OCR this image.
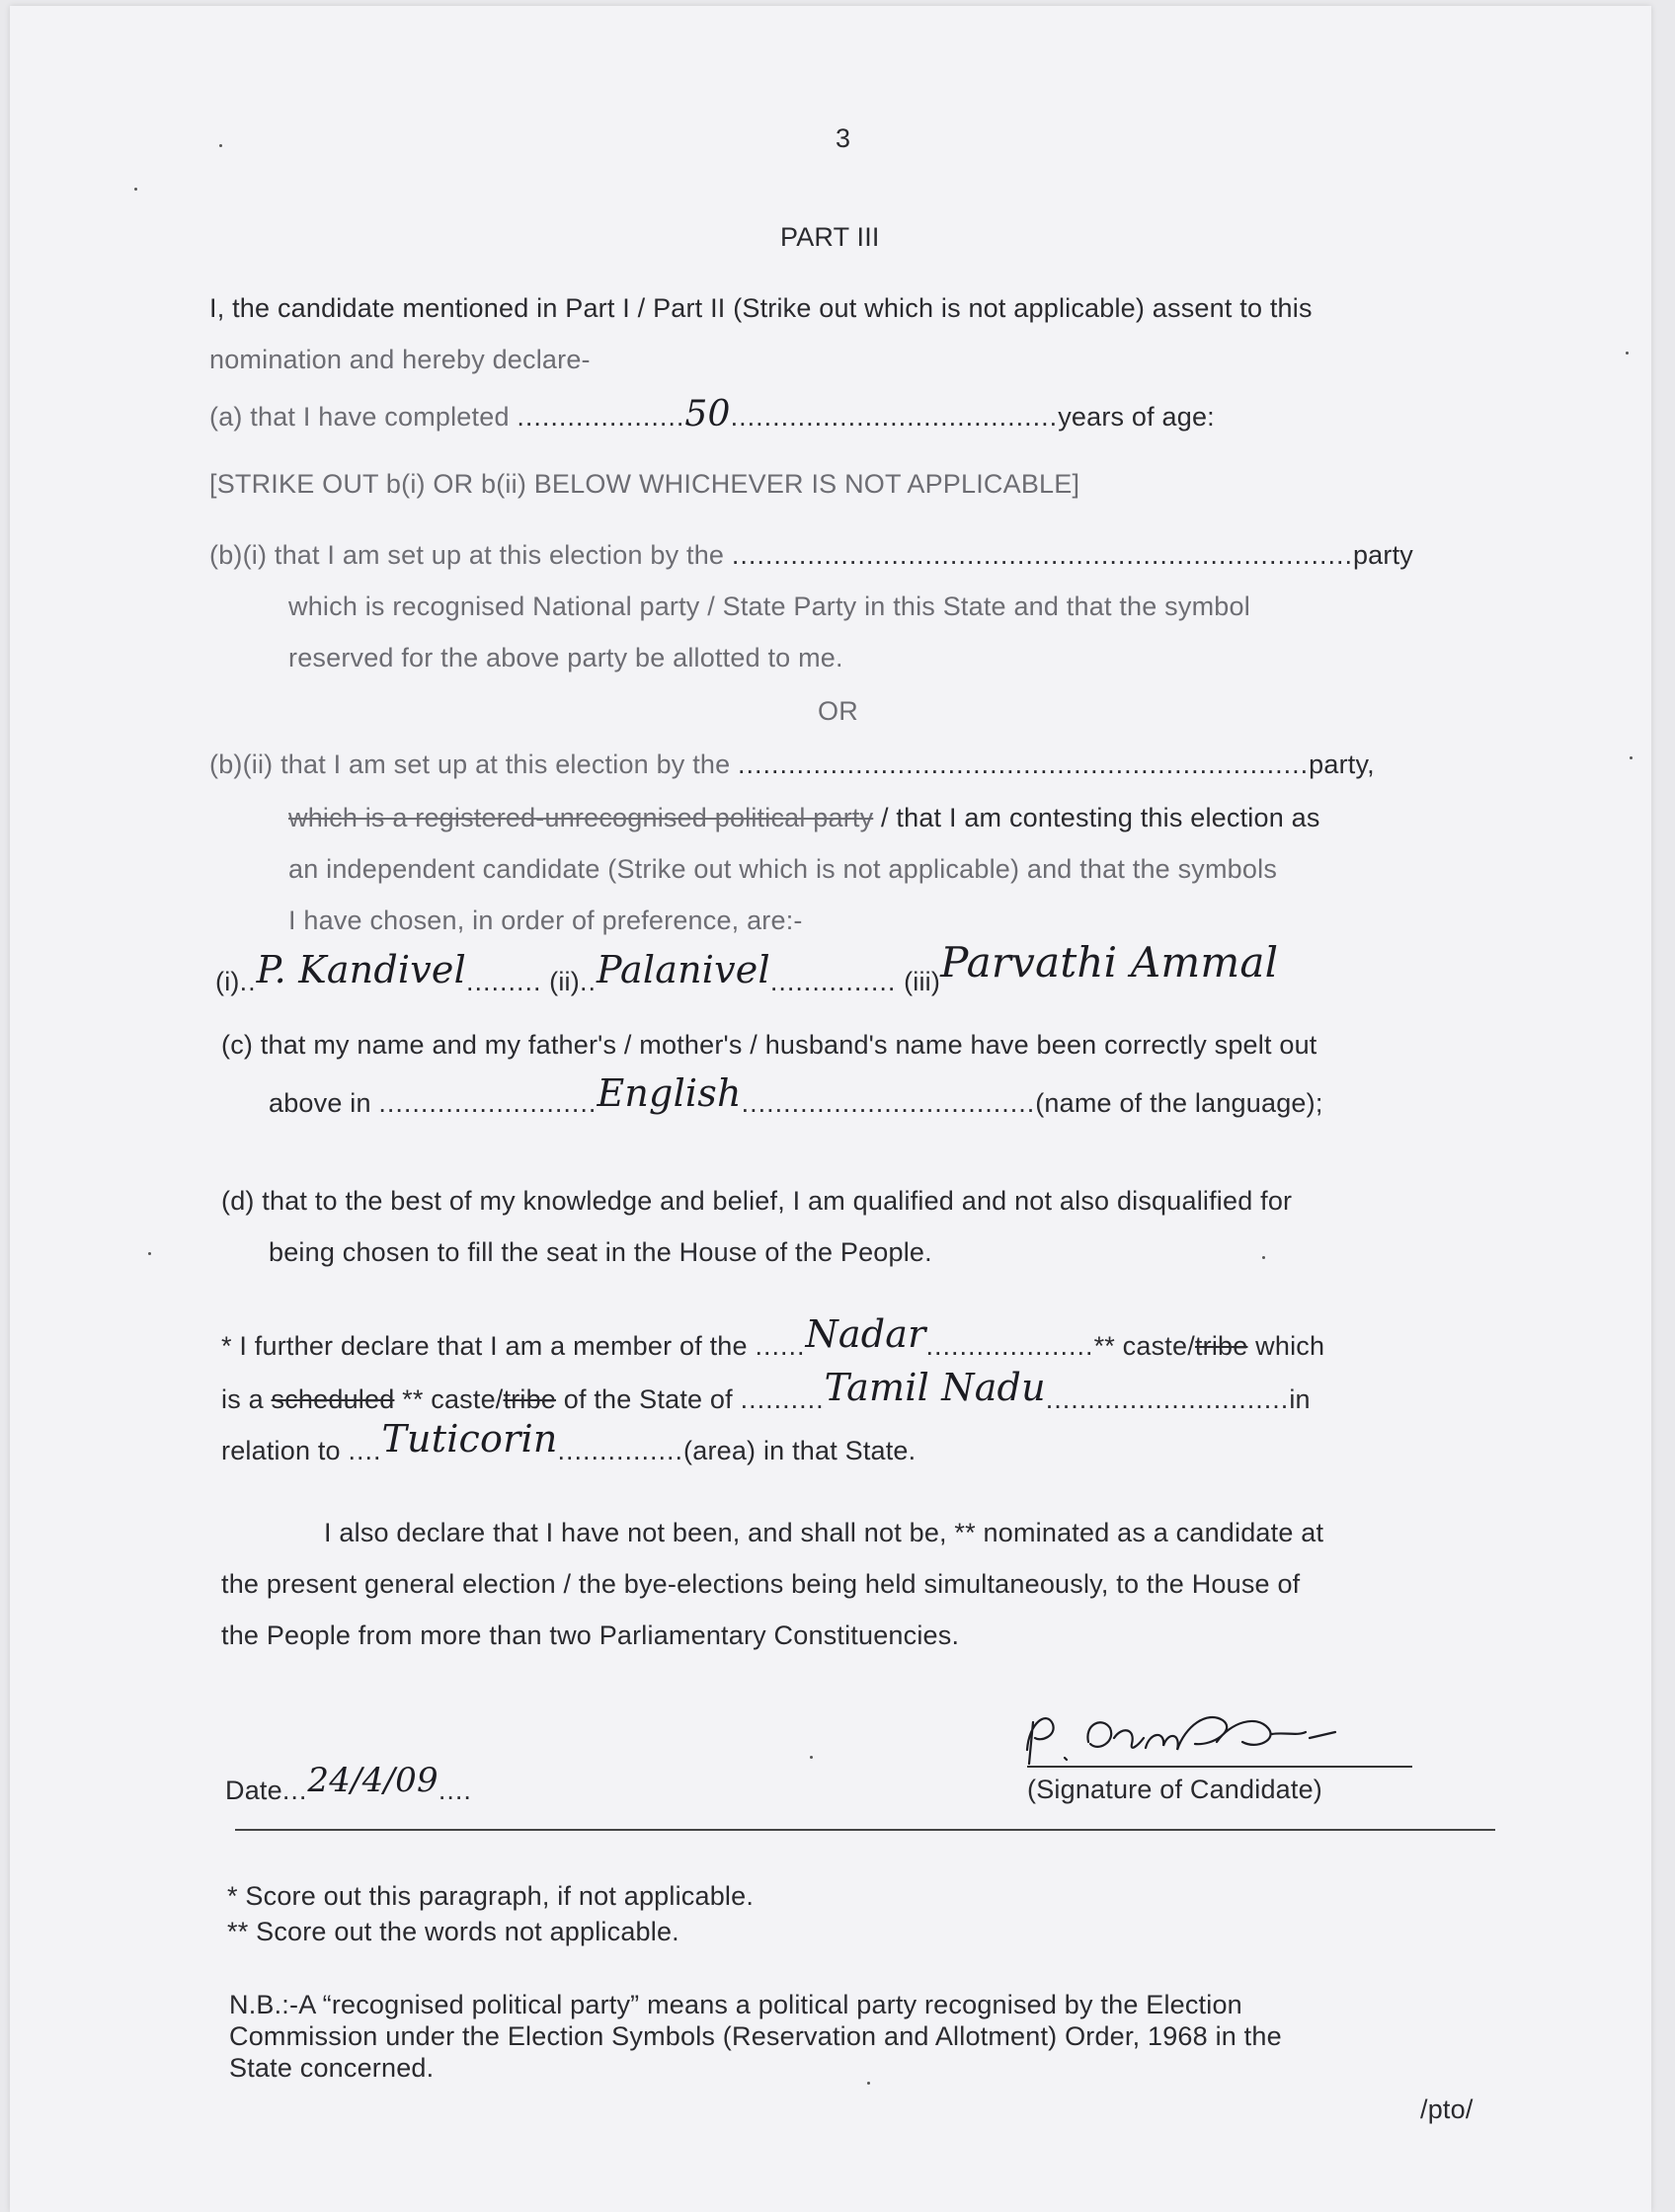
3
PART III
I, the candidate mentioned in Part I / Part II (Strike out which is not applicable) assent to this
nomination and hereby declare-
(a) that I have completed ....................50.......................................years of age:
[STRIKE OUT b(i) OR b(ii) BELOW WHICHEVER IS NOT APPLICABLE]
(b)(i) that I am set up at this election by the ..........................................................................party
which is recognised National party / State Party in this State and that the symbol
reserved for the above party be allotted to me.
OR
(b)(ii) that I am set up at this election by the ....................................................................party,
which is a registered-unrecognised political party / that I am contesting this election as
an independent candidate (Strike out which is not applicable) and that the symbols
I have chosen, in order of preference, are:-
(i)..P. Kandivel......... (ii)..Palanivel............... (iii)Parvathi Ammal
(c) that my name and my father's / mother's / husband's name have been correctly spelt out
above in ..........................English...................................(name of the language);
(d) that to the best of my knowledge and belief, I am qualified and not also disqualified for
being chosen to fill the seat in the House of the People.
* I further declare that I am a member of the ......Nadar....................** caste/tribe which
is a scheduled ** caste/tribe of the State of ..........Tamil Nadu.............................in
relation to ....Tuticorin...............(area) in that State.
I also declare that I have not been, and shall not be, ** nominated as a candidate at
the present general election / the bye-elections being held simultaneously, to the House of
the People from more than two Parliamentary Constituencies.
Date...24/4/09....	(Signature of Candidate)
* Score out this paragraph, if not applicable.
** Score out the words not applicable.
N.B.:-A “recognised political party” means a political party recognised by the Election
Commission under the Election Symbols (Reservation and Allotment) Order, 1968 in the
State concerned.
/pto/
